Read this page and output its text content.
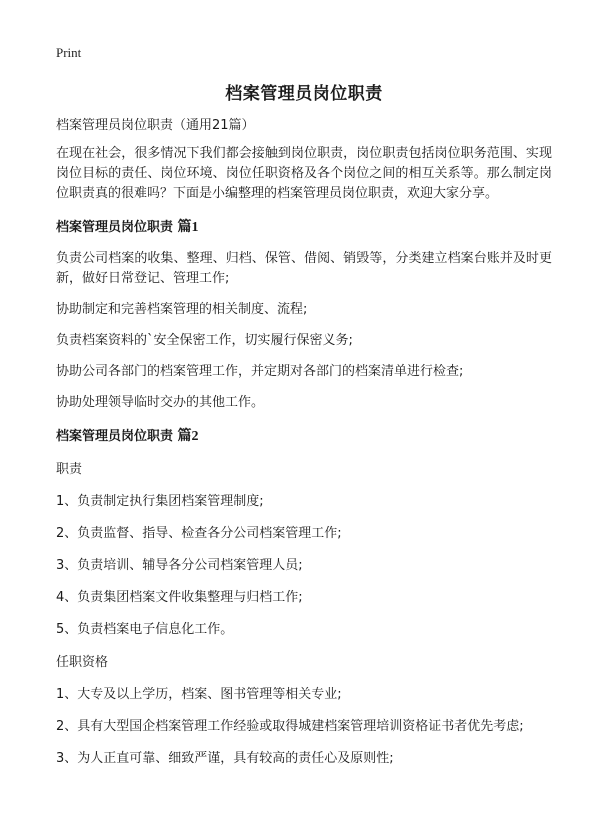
Print

档案管理员岗位职责

档案管理员岗位职责（通用21篇）

在现在社会，很多情况下我们都会接触到岗位职责，岗位职责包括岗位职务范围、实现岗位目标的责任、岗位环境、岗位任职资格及各个岗位之间的相互关系等。那么制定岗位职责真的很难吗？下面是小编整理的档案管理员岗位职责，欢迎大家分享。

档案管理员岗位职责 篇1

负责公司档案的收集、整理、归档、保管、借阅、销毁等，分类建立档案台账并及时更新，做好日常登记、管理工作;

协助制定和完善档案管理的相关制度、流程;

负责档案资料的`安全保密工作，切实履行保密义务;

协助公司各部门的档案管理工作，并定期对各部门的档案清单进行检查;

协助处理领导临时交办的其他工作。

档案管理员岗位职责 篇2

职责

1、负责制定执行集团档案管理制度;

2、负责监督、指导、检查各分公司档案管理工作;

3、负责培训、辅导各分公司档案管理人员;

4、负责集团档案文件收集整理与归档工作;

5、负责档案电子信息化工作。

任职资格

1、大专及以上学历，档案、图书管理等相关专业;

2、具有大型国企档案管理工作经验或取得城建档案管理培训资格证书者优先考虑;

3、为人正直可靠、细致严谨，具有较高的责任心及原则性;
